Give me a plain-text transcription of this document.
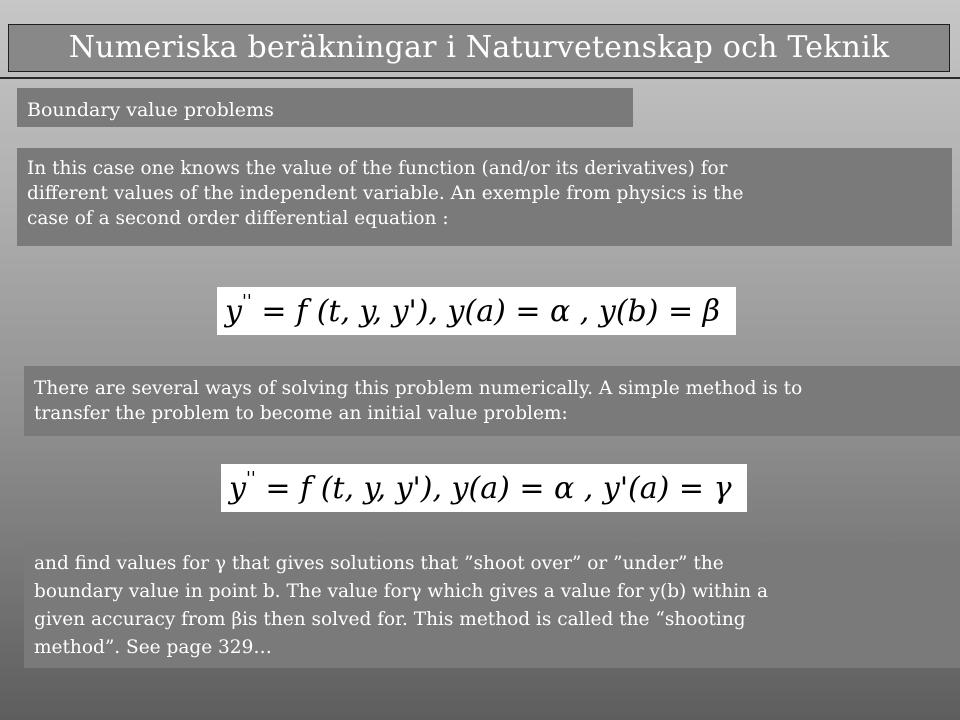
Numeriska beräkningar i Naturvetenskap och Teknik
Boundary value problems
In this case one knows the value of the function (and/or its derivatives) for
different values of the independent variable. An exemple from physics is the
case of a second order differential equation :
y'' = f (t, y, y'), y(a) = α , y(b) = β
There are several ways of solving this problem numerically. A simple method is to
transfer the problem to become an initial value problem:
y'' = f (t, y, y'), y(a) = α , y'(a) = γ
and find values for γ that gives solutions that ”shoot over” or ”under” the
boundary value in point b. The value forγ which gives a value for y(b) within a
given accuracy from βis then solved for. This method is called the “shooting
method”. See page 329…
